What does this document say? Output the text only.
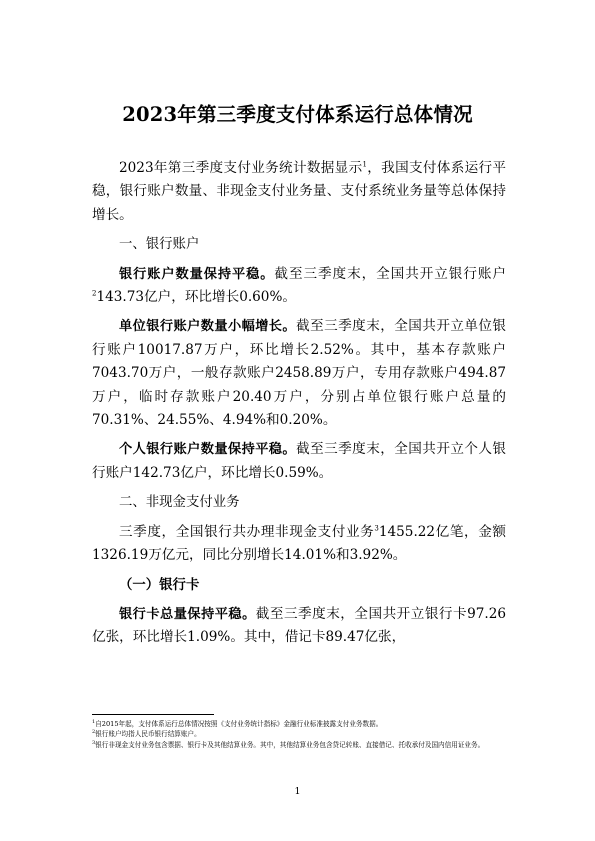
2023年第三季度支付体系运行总体情况

2023年第三季度支付业务统计数据显示$^1$，我国支付体系运行平稳，银行账户数量、非现金支付业务量、支付系统业务量等总体保持增长。

一、银行账户

银行账户数量保持平稳。截至三季度末，全国共开立银行账户$^2$143.73亿户，环比增长0.60%。

单位银行账户数量小幅增长。截至三季度末，全国共开立单位银行账户10017.87万户，环比增长2.52%。其中，基本存款账户7043.70万户，一般存款账户2458.89万户，专用存款账户494.87万户，临时存款账户20.40万户，分别占单位银行账户总量的70.31%、24.55%、4.94%和0.20%。

个人银行账户数量保持平稳。截至三季度末，全国共开立个人银行账户142.73亿户，环比增长0.59%。

二、非现金支付业务

三季度，全国银行共办理非现金支付业务$^3$1455.22亿笔，金额1326.19万亿元，同比分别增长14.01%和3.92%。

（一）银行卡

银行卡总量保持平稳。截至三季度末，全国共开立银行卡97.26亿张，环比增长1.09%。其中，借记卡89.47亿张，

$^1$自2015年起，支付体系运行总体情况按照《支付业务统计指标》金融行业标准披露支付业务数据。
$^2$银行账户均指人民币银行结算账户。
$^3$银行非现金支付业务包含票据、银行卡及其他结算业务。其中，其他结算业务包含贷记转账、直接借记、托收承付及国内信用证业务。
1
